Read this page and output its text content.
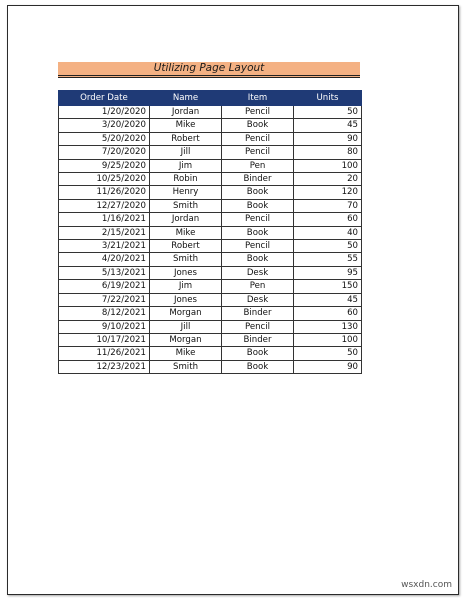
Utilizing Page Layout
Order Date	Name	Item	Units
1/20/2020	Jordan	Pencil	50
3/20/2020	Mike	Book	45
5/20/2020	Robert	Pencil	90
7/20/2020	Jill	Pencil	80
9/25/2020	Jim	Pen	100
10/25/2020	Robin	Binder	20
11/26/2020	Henry	Book	120
12/27/2020	Smith	Book	70
1/16/2021	Jordan	Pencil	60
2/15/2021	Mike	Book	40
3/21/2021	Robert	Pencil	50
4/20/2021	Smith	Book	55
5/13/2021	Jones	Desk	95
6/19/2021	Jim	Pen	150
7/22/2021	Jones	Desk	45
8/12/2021	Morgan	Binder	60
9/10/2021	Jill	Pencil	130
10/17/2021	Morgan	Binder	100
11/26/2021	Mike	Book	50
12/23/2021	Smith	Book	90
wsxdn.com
